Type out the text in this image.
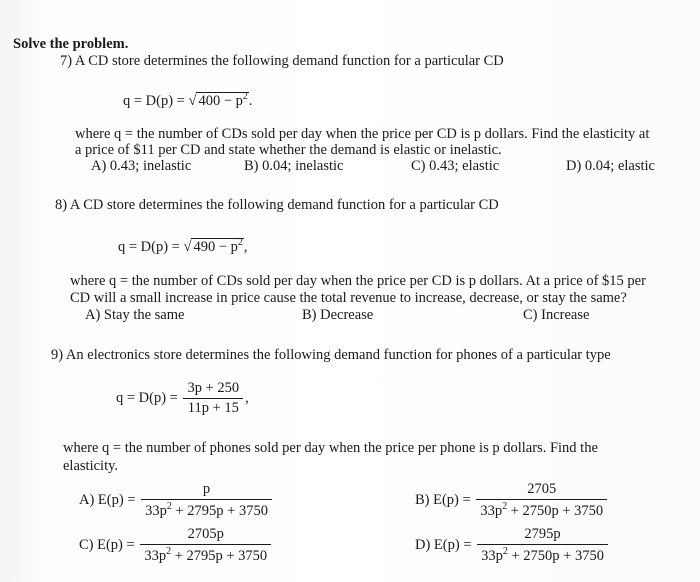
Solve the problem.
7) A CD store determines the following demand function for a particular CD
q = D(p) = √ $400 - p^2$.
where q = the number of CDs sold per day when the price per CD is p dollars. Find the elasticity at
a price of $11 per CD and state whether the demand is elastic or inelastic.
A) 0.43; inelastic	B) 0.04; inelastic	C) 0.43; elastic	D) 0.04; elastic
8) A CD store determines the following demand function for a particular CD
q = D(p) = √ $490 - p^2$,
where q = the number of CDs sold per day when the price per CD is p dollars. At a price of $15 per
CD will a small increase in price cause the total revenue to increase, decrease, or stay the same?
A) Stay the same	B) Decrease	C) Increase
9) An electronics store determines the following demand function for phones of a particular type
$q = D(p) = \frac{3p + 250}{11p + 15}$ ,
where q = the number of phones sold per day when the price per phone is p dollars. Find the
elasticity.
A) $E(p) = \frac{p}{33p^2 + 2795p + 3750}$	B) $E(p) = \frac{2705}{33p^2 + 2750p + 3750}$
C) $E(p) = \frac{2705p}{33p^2 + 2795p + 3750}$	D) $E(p) = \frac{2795p}{33p^2 + 2750p + 3750}$
